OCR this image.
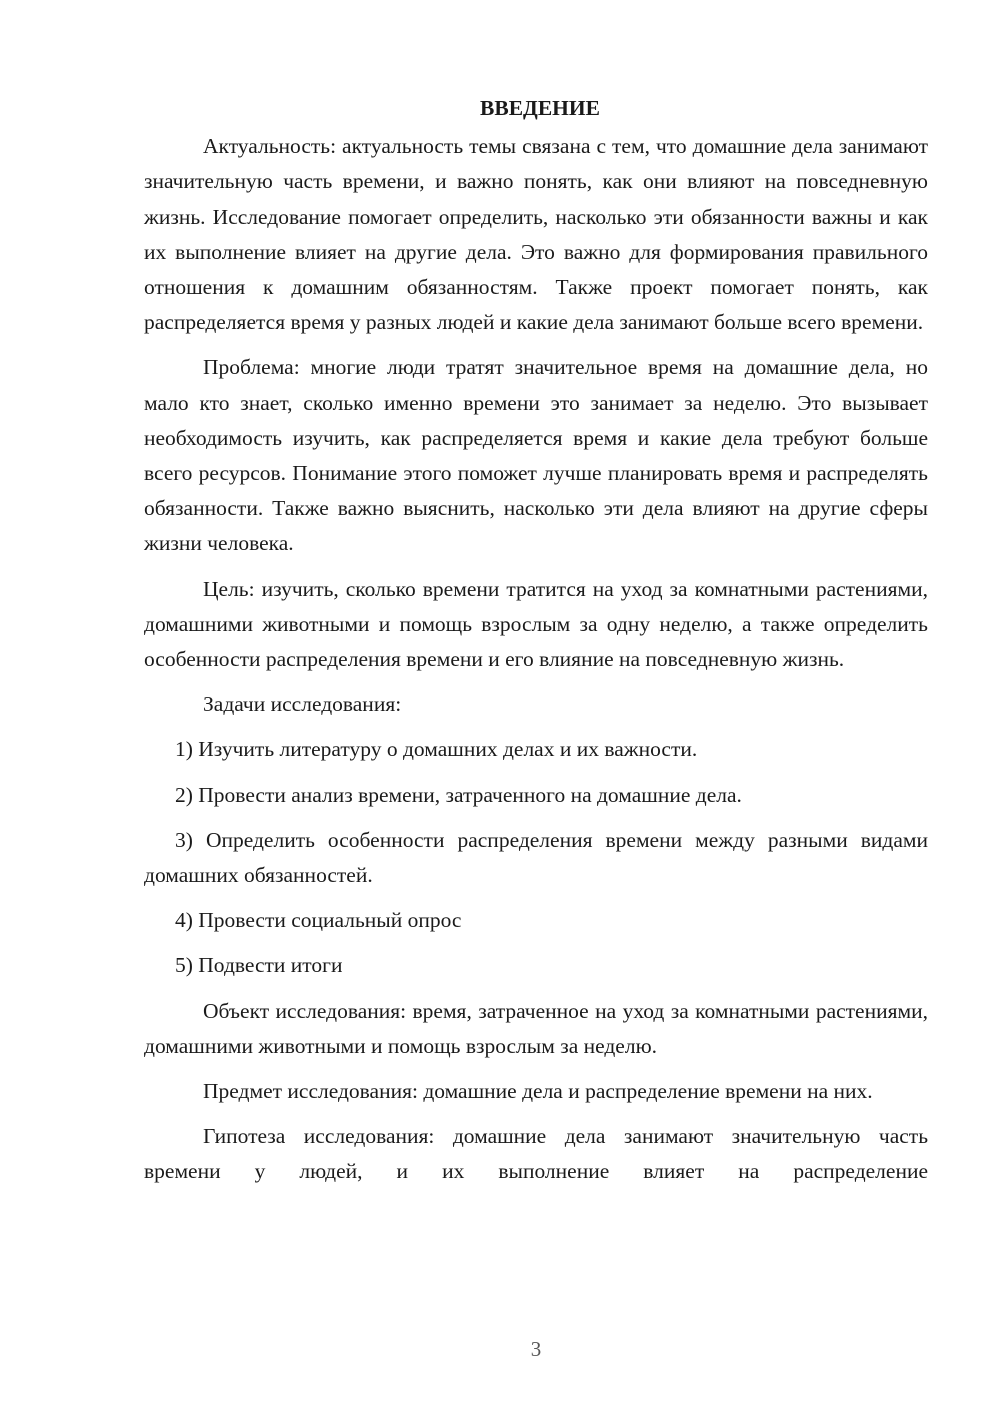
ВВЕДЕНИЕ

Актуальность: актуальность темы связана с тем, что домашние дела занимают значительную часть времени, и важно понять, как они влияют на повседневную жизнь. Исследование помогает определить, насколько эти обязанности важны и как их выполнение влияет на другие дела. Это важно для формирования правильного отношения к домашним обязанностям. Также проект помогает понять, как распределяется время у разных людей и какие дела занимают больше всего времени.

Проблема: многие люди тратят значительное время на домашние дела, но мало кто знает, сколько именно времени это занимает за неделю. Это вызывает необходимость изучить, как распределяется время и какие дела требуют больше всего ресурсов. Понимание этого поможет лучше планировать время и распределять обязанности. Также важно выяснить, насколько эти дела влияют на другие сферы жизни человека.

Цель: изучить, сколько времени тратится на уход за комнатными растениями, домашними животными и помощь взрослым за одну неделю, а также определить особенности распределения времени и его влияние на повседневную жизнь.

Задачи исследования:

1) Изучить литературу о домашних делах и их важности.

2) Провести анализ времени, затраченного на домашние дела.

3) Определить особенности распределения времени между разными видами домашних обязанностей.

4) Провести социальный опрос

5) Подвести итоги

Объект исследования: время, затраченное на уход за комнатными растениями, домашними животными и помощь взрослым за неделю.

Предмет исследования: домашние дела и распределение времени на них.

Гипотеза исследования: домашние дела занимают значительную часть времени у людей, и их выполнение влияет на распределение

3
